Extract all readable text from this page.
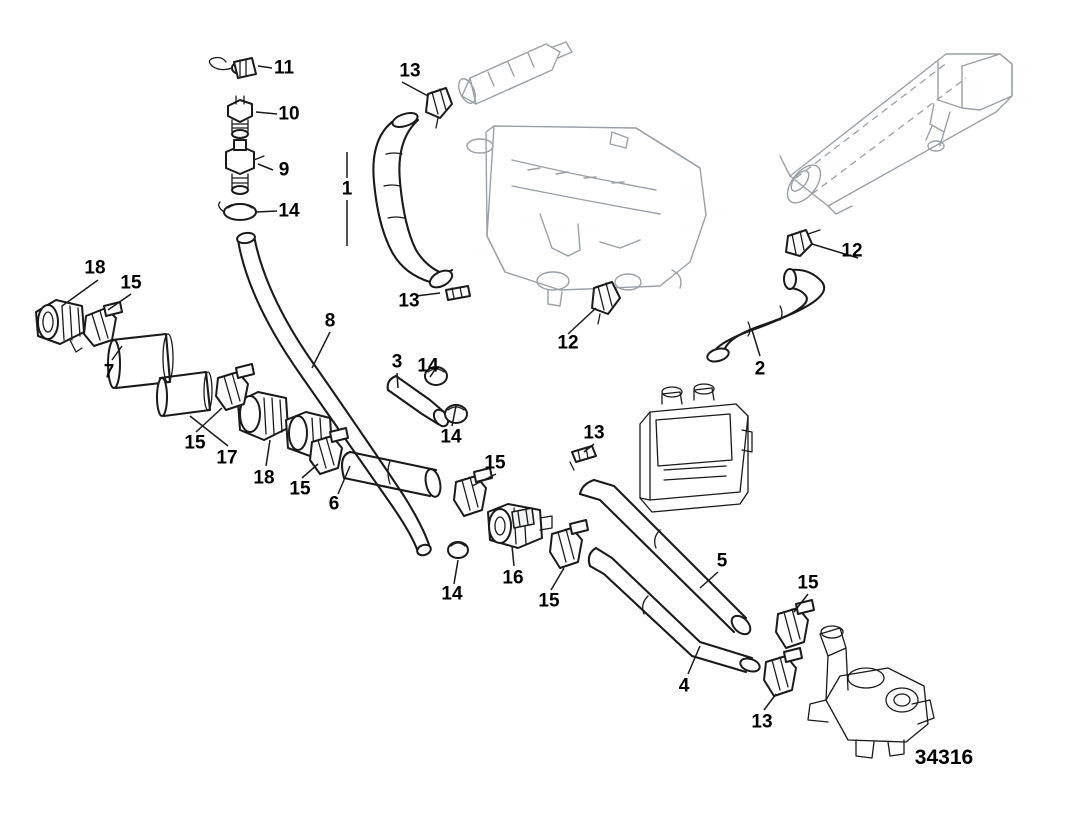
11	13
10
9
1
14
12
18
15
13
12
8
2
3 14
7
15
17
14	13
18
15
6
15
14
16
15
5
15
4
13
34316
